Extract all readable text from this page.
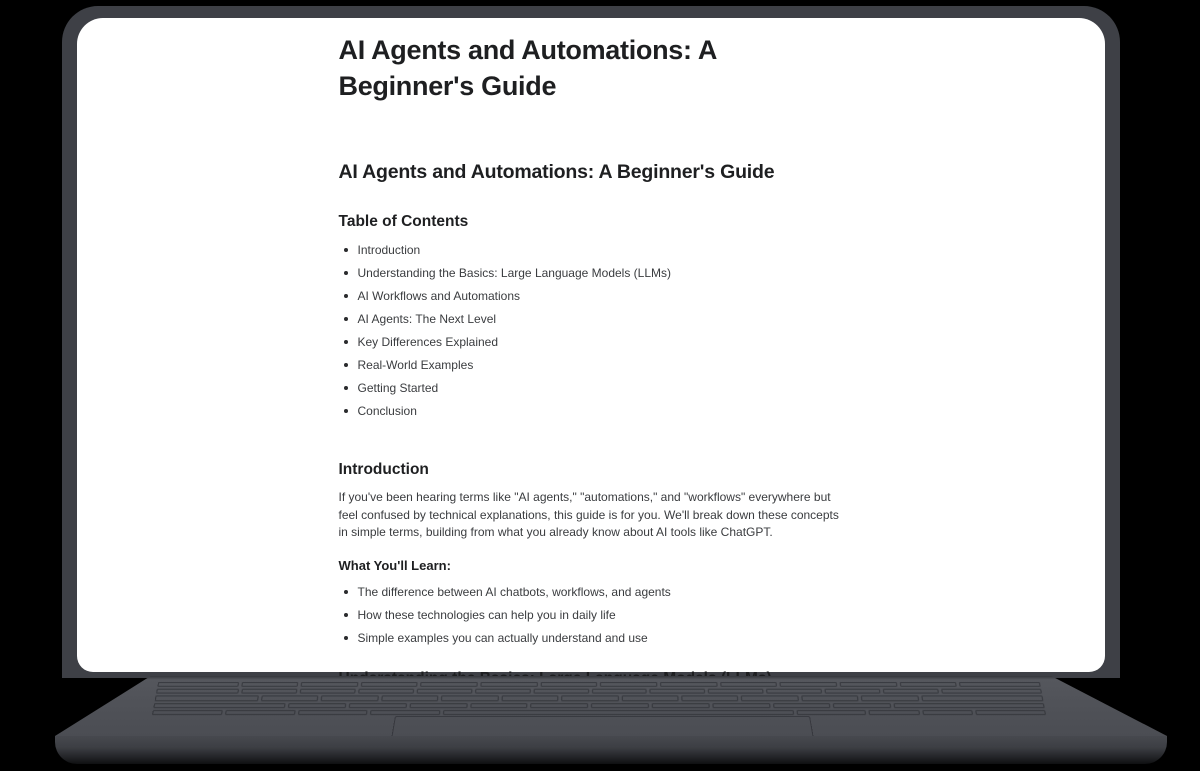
AI Agents and Automations: A Beginner's Guide
AI Agents and Automations: A Beginner's Guide
Table of Contents
Introduction
Understanding the Basics: Large Language Models (LLMs)
AI Workflows and Automations
AI Agents: The Next Level
Key Differences Explained
Real-World Examples
Getting Started
Conclusion
Introduction

If you've been hearing terms like "AI agents," "automations," and "workflows" everywhere but feel confused by technical explanations, this guide is for you. We'll break down these concepts in simple terms, building from what you already know about AI tools like ChatGPT.

What You'll Learn:
The difference between AI chatbots, workflows, and agents
How these technologies can help you in daily life
Simple examples you can actually understand and use
